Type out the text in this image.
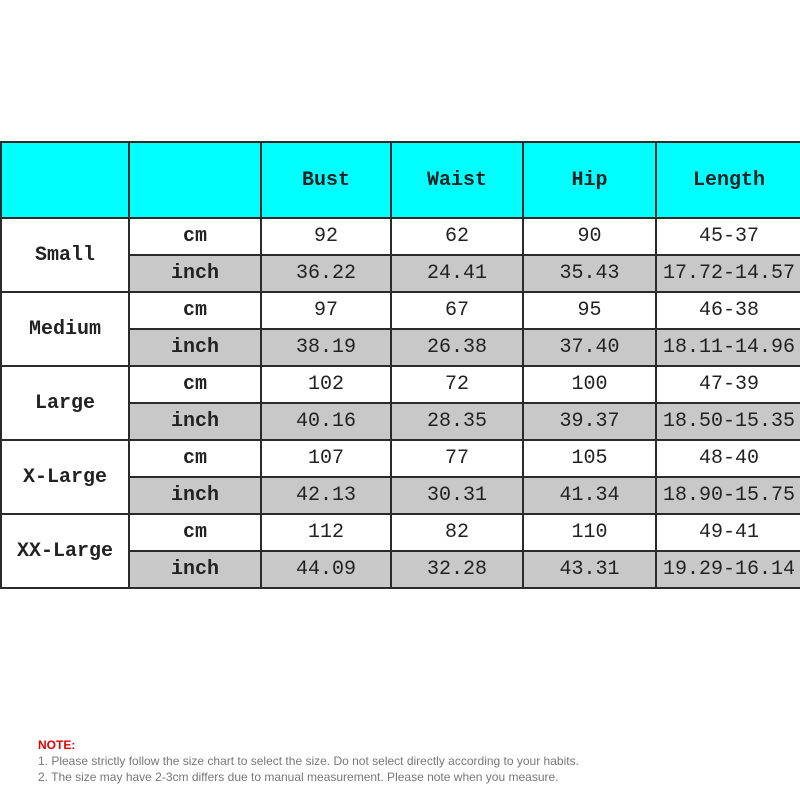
		Bust	Waist	Hip	Length
Small	cm	92	62	90	45-37
	inch	36.22	24.41	35.43	17.72-14.57
Medium	cm	97	67	95	46-38
	inch	38.19	26.38	37.40	18.11-14.96
Large	cm	102	72	100	47-39
	inch	40.16	28.35	39.37	18.50-15.35
X-Large	cm	107	77	105	48-40
	inch	42.13	30.31	41.34	18.90-15.75
XX-Large	cm	112	82	110	49-41
	inch	44.09	32.28	43.31	19.29-16.14
NOTE:
1. Please strictly follow the size chart to select the size. Do not select directly according to your habits.
2. The size may have 2-3cm differs due to manual measurement. Please note when you measure.
